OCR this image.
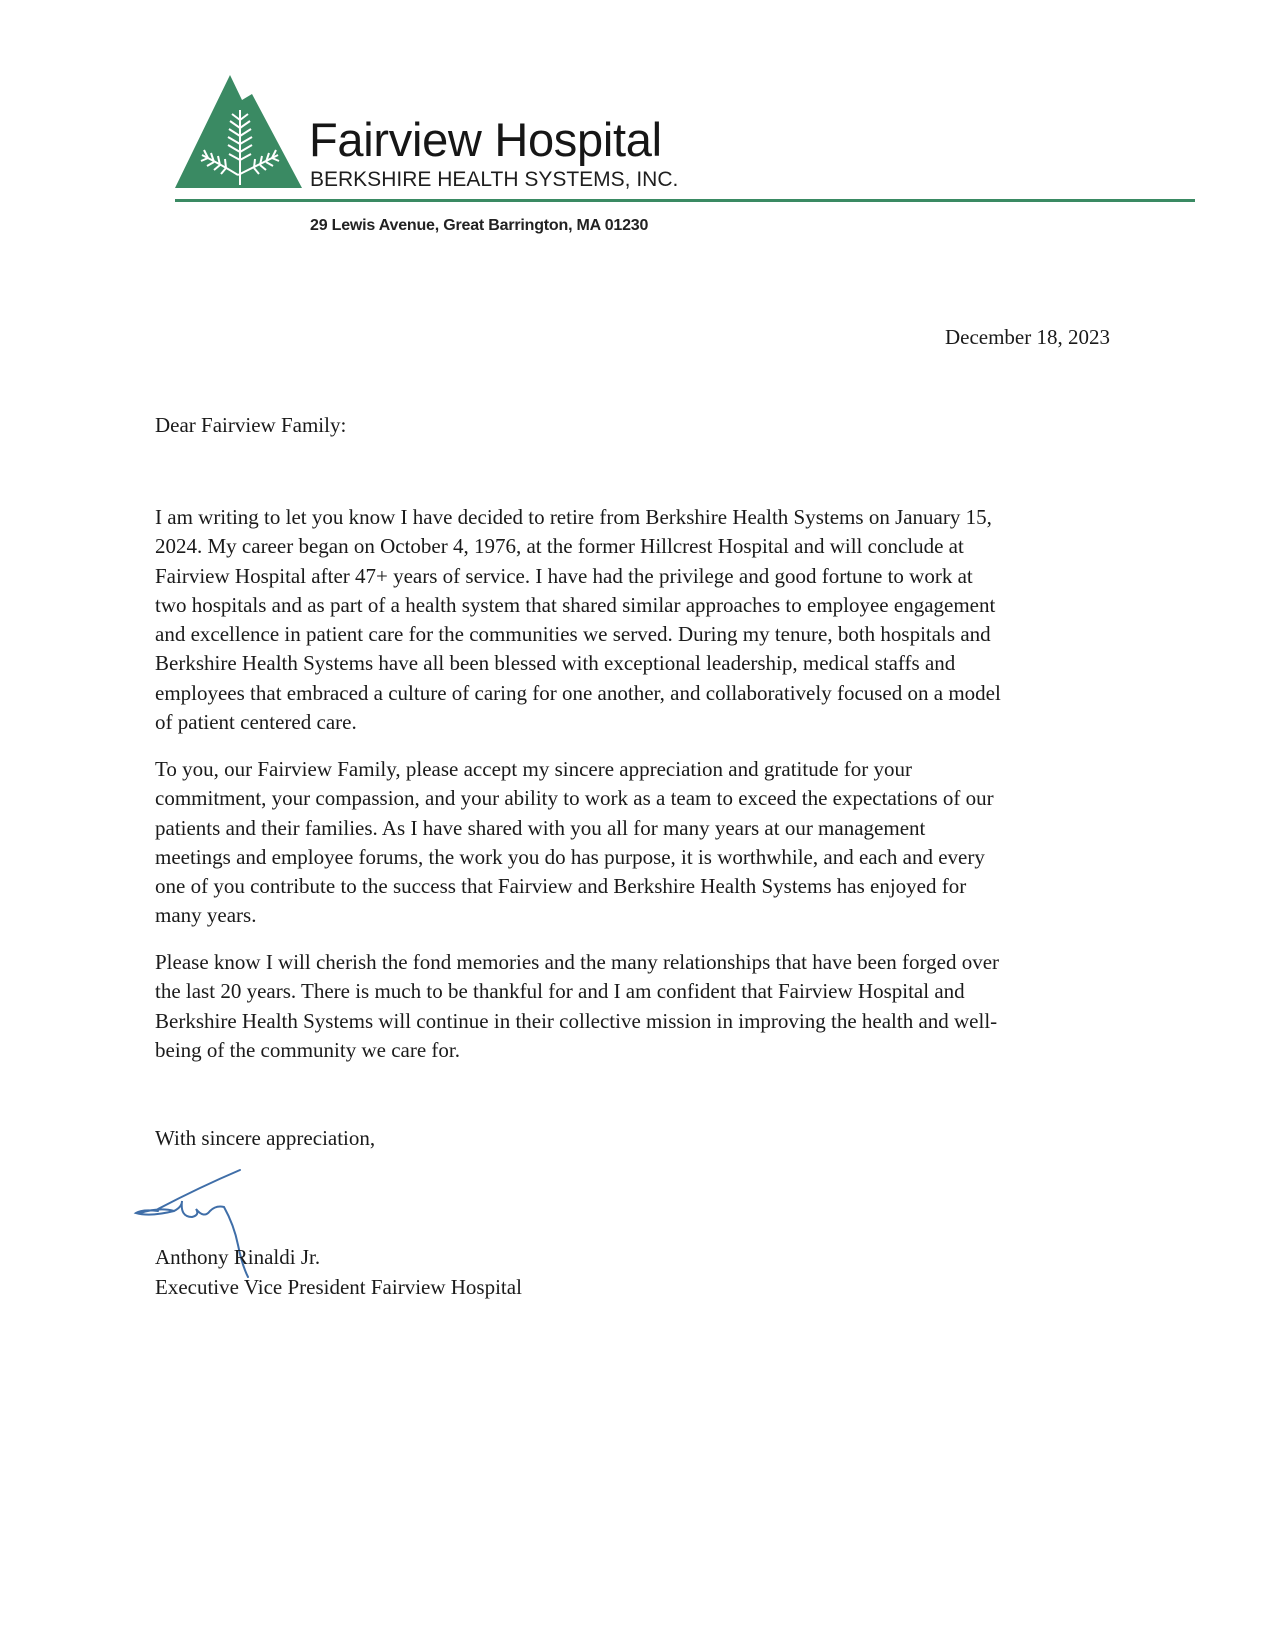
Fairview Hospital
BERKSHIRE HEALTH SYSTEMS, INC.
29 Lewis Avenue, Great Barrington, MA 01230
December 18, 2023
Dear Fairview Family:
I am writing to let you know I have decided to retire from Berkshire Health Systems on January 15,
2024. My career began on October 4, 1976, at the former Hillcrest Hospital and will conclude at
Fairview Hospital after 47+ years of service. I have had the privilege and good fortune to work at
two hospitals and as part of a health system that shared similar approaches to employee engagement
and excellence in patient care for the communities we served. During my tenure, both hospitals and
Berkshire Health Systems have all been blessed with exceptional leadership, medical staffs and
employees that embraced a culture of caring for one another, and collaboratively focused on a model
of patient centered care.
To you, our Fairview Family, please accept my sincere appreciation and gratitude for your
commitment, your compassion, and your ability to work as a team to exceed the expectations of our
patients and their families. As I have shared with you all for many years at our management
meetings and employee forums, the work you do has purpose, it is worthwhile, and each and every
one of you contribute to the success that Fairview and Berkshire Health Systems has enjoyed for
many years.
Please know I will cherish the fond memories and the many relationships that have been forged over
the last 20 years. There is much to be thankful for and I am confident that Fairview Hospital and
Berkshire Health Systems will continue in their collective mission in improving the health and well-
being of the community we care for.
With sincere appreciation,
Anthony Rinaldi Jr.
Executive Vice President Fairview Hospital
